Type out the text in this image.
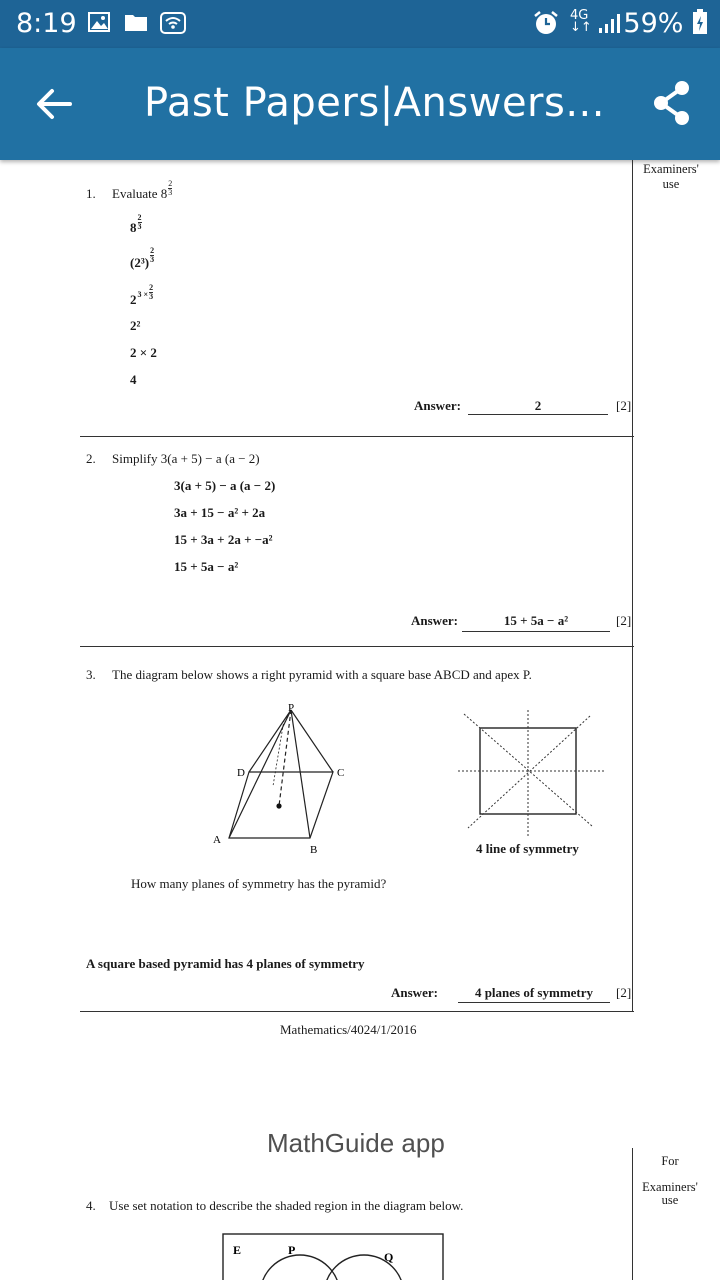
8:19	4G
↓↑ 59%
Past Papers|Answers...
Examiners'
use
1. Evaluate 8 $^{\frac{2}{3}}$
8 $^{\frac{2}{3}}$
(2³) $^{\frac{2}{3}}$
$2^{3 \times}$ $^{\frac{2}{3}}$
2²
2 × 2
4
Answer:	2	[2]
2. Simplify 3(a + 5) − a (a − 2)
3(a + 5) − a (a − 2)
3a + 15 − a² + 2a
15 + 3a + 2a + −a²
15 + 5a − a²
Answer:	15 + 5a − a²	[2]
3. The diagram below shows a right pyramid with a square base ABCD and apex P.
P
D	C
A
B	4 line of symmetry
How many planes of symmetry has the pyramid?
A square based pyramid has 4 planes of symmetry
Answer:	4 planes of symmetry	[2]
Mathematics/4024/1/2016
MathGuide app
For
Examiners'
use
4. Use set notation to describe the shaded region in the diagram below.
E	P	Q
